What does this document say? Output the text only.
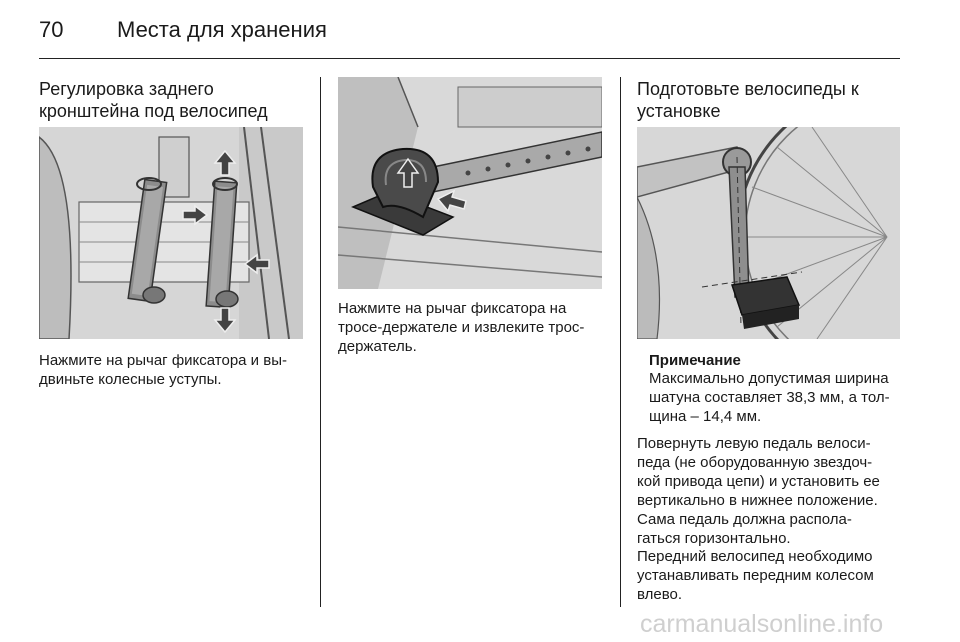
70 Места для хранения
Регулировка заднего
кронштейна под велосипед
Нажмите на рычаг фиксатора и вы-
двиньте колесные уступы.
Нажмите на рычаг фиксатора на
тросе-держателе и извлеките трос-
держатель.
Подготовьте велосипеды к
установке
Примечание
Максимально допустимая ширина
шатуна составляет 38,3 мм, а тол-
щина – 14,4 мм.
Повернуть левую педаль велоси-
педа (не оборудованную звездоч-
кой привода цепи) и установить ее
вертикально в нижнее положение.
Сама педаль должна распола-
гаться горизонтально.
Передний велосипед необходимо
устанавливать передним колесом
влево.
carmanualsonline.info
